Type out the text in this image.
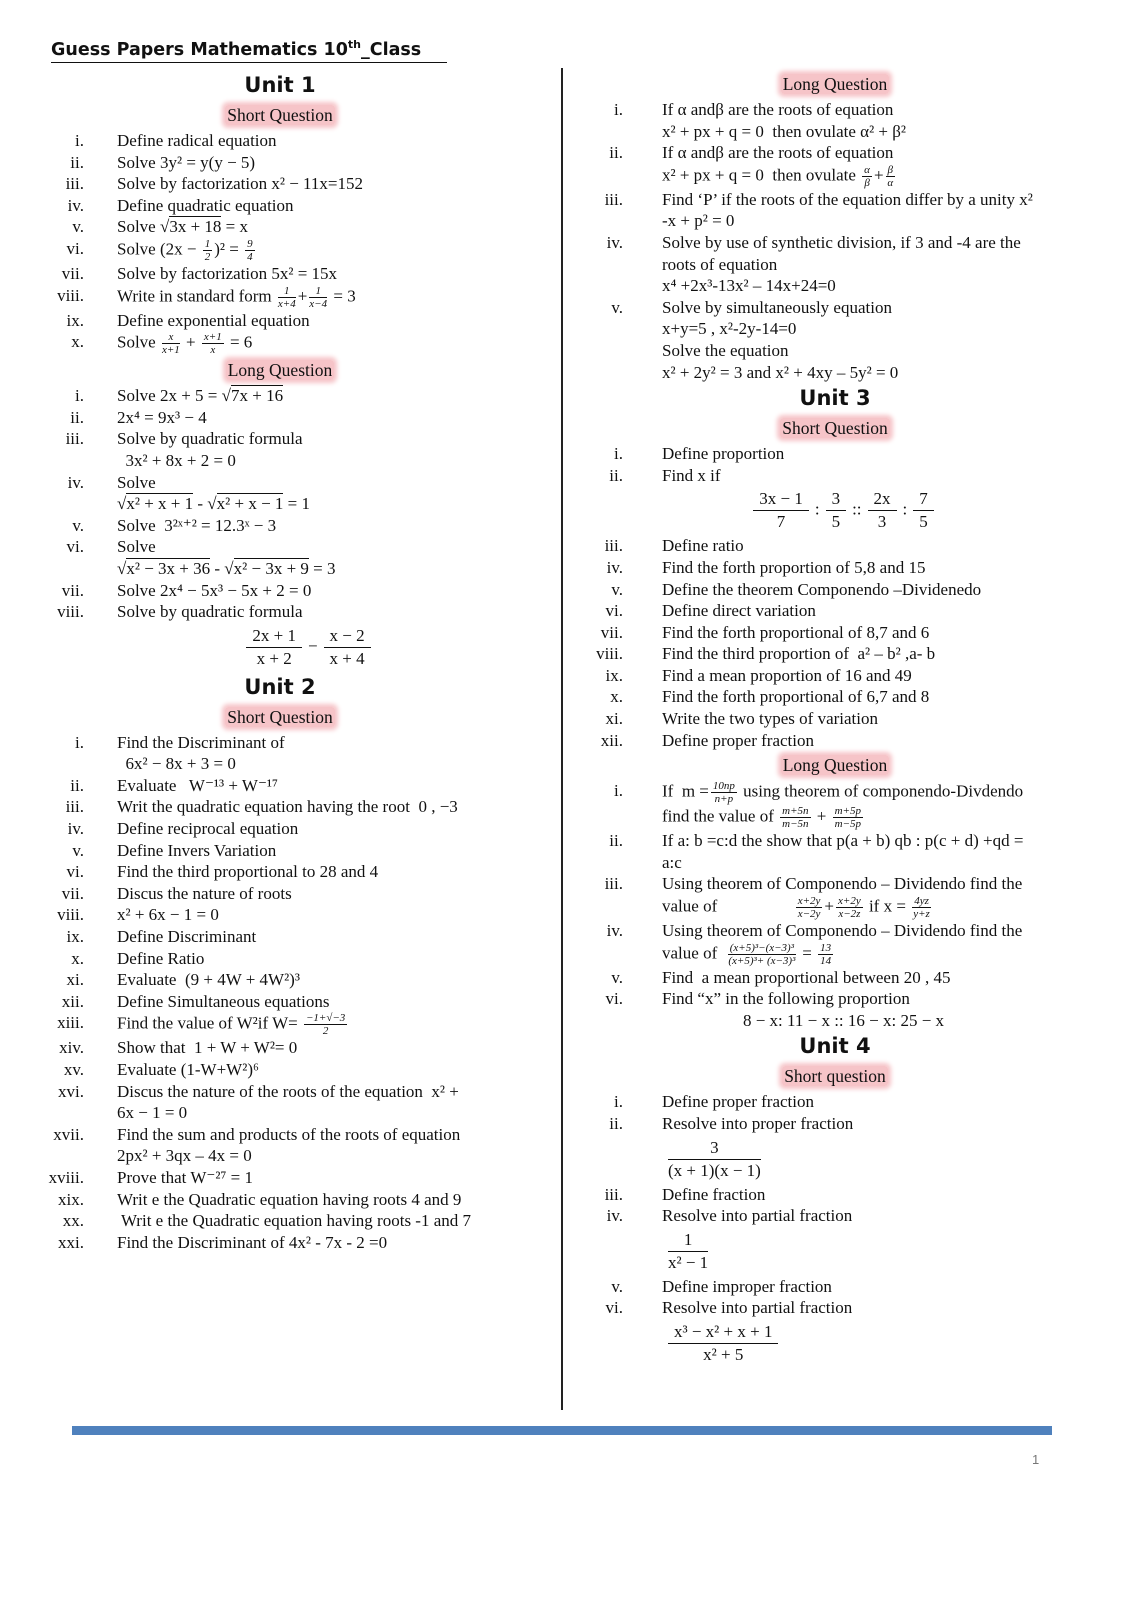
Guess Papers Mathematics 10th_Class
Unit 1
Short Question
i.	Define radical equation
ii.	Solve 3y² = y(y − 5)
iii.	Solve by factorization x² − 11x=152
iv.	Define quadratic equation
v.	Solve √3x + 18 = x
vi.	Solve $(2x - \frac{1}{2} )^2 = \frac{9}{4}$
vii.	Solve by factorization 5x² = 15x
viii.	Write in standard form $\frac{1}{x+4} + \frac{1}{x-4} = 3$
ix.	Define exponential equation
x.	Solve $\frac{x}{x+1} + \frac{x+1}{x} = 6$
Long Question
i.	Solve 2x + 5 = √7x + 16
ii.	2x⁴ = 9x³ − 4
iii.	Solve by quadratic formula
3x² + 8x + 2 = 0
iv.	Solve
√x² + x + 1 - √x² + x − 1 = 1
v.	Solve  3²ˣ⁺² = 12.3ˣ − 3
vi.	Solve
√x² − 3x + 36 - √x² − 3x + 9 = 3
vii.	Solve 2x⁴ − 5x³ − 5x + 2 = 0
viii.	Solve by quadratic formula
$\frac{2x + 1}{x + 2} - \frac{x - 2}{x + 4}$
Unit 2
Short Question
i.	Find the Discriminant of
6x² − 8x + 3 = 0
ii.	Evaluate   W⁻¹³ + W⁻¹⁷
iii.	Writ the quadratic equation having the root  0 , −3
iv.	Define reciprocal equation
v.	Define Invers Variation
vi.	Find the third proportional to 28 and 4
vii.	Discus the nature of roots
viii.	x² + 6x − 1 = 0
ix.	Define Discriminant
x.	Define Ratio
xi.	Evaluate  (9 + 4W + 4W²)³
xii.	Define Simultaneous equations
xiii.	Find the value of W²if $W= \frac{-1+√-3}{2}$
xiv.	Show that  1 + W + W²= 0
xv.	Evaluate (1-W+W²)⁶
xvi.	Discus the nature of the roots of the equation  x² +
6x − 1 = 0
xvii.	Find the sum and products of the roots of equation
2px² + 3qx – 4x = 0
xviii.	Prove that W⁻²⁷ = 1
xix.	Writ e the Quadratic equation having roots 4 and 9
xx.	Writ e the Quadratic equation having roots -1 and 7
xxi.	Find the Discriminant of 4x² - 7x - 2 =0
Long Question
i.	If α andβ are the roots of equation
x² + px + q = 0  then ovulate α² + β²
ii.	If α andβ are the roots of equation
x² + px + q = 0  then ovulate $\frac{\alpha}{\beta} + \frac{\beta}{\alpha}$
iii.	Find ‘P’ if the roots of the equation differ by a unity x²
-x + p² = 0
iv.	Solve by use of synthetic division, if 3 and -4 are the
roots of equation
x⁴ +2x³-13x² – 14x+24=0
v.	Solve by simultaneously equation
x+y=5 , x²-2y-14=0
Solve the equation
x² + 2y² = 3 and x² + 4xy – 5y² = 0
Unit 3
Short Question
i.	Define proportion
ii.	Find x if
$\frac{3x - 1}{7}$ : $\frac{3}{5}$ :: $\frac{2x}{3}$ : $\frac{7}{5}$
iii.	Define ratio
iv.	Find the forth proportion of 5,8 and 15
v.	Define the theorem Componendo –Dividenedo
vi.	Define direct variation
vii.	Find the forth proportional of 8,7 and 6
viii.	Find the third proportion of  a² – b² ,a- b
ix.	Find a mean proportion of 16 and 49
x.	Find the forth proportional of 6,7 and 8
xi.	Write the two types of variation
xii.	Define proper fraction
Long Question
i.	If  $m = \frac{10np}{n+p}$ using theorem of componendo-Divdendo
find the value of $\frac{m+5n}{m-5n} + \frac{m+5p}{m-5p}$
ii.	If a: b =c:d the show that p(a + b) qb : p(c + d) +qd =
a:c
iii.	Using theorem of Componendo – Dividendo find the
value of $\frac{x+2y}{x-2y} + \frac{x+2y}{x-2z}$ if $x = \frac{4yz}{y+z}$
iv.	Using theorem of Componendo – Dividendo find the
value of $\frac{\text{(x+5)³−(x−3)³}}{\text{(x+5)³+ (x−3)³}} = \frac{13}{14}$
v.	Find  a mean proportional between 20 , 45
vi.	Find “x” in the following proportion
8 − x: 11 − x :: 16 − x: 25 − x
Unit 4
Short question
i.	Define proper fraction
ii.	Resolve into proper fraction
$\frac{3}{(x + 1)(x - 1)}$
iii.	Define fraction
iv.	Resolve into partial fraction
$\frac{1}{\text{x² − 1}}$
v.	Define improper fraction
vi.	Resolve into partial fraction
$\frac{\text{x³ − x² + x + 1}}{\text{x² + 5}}$
1
